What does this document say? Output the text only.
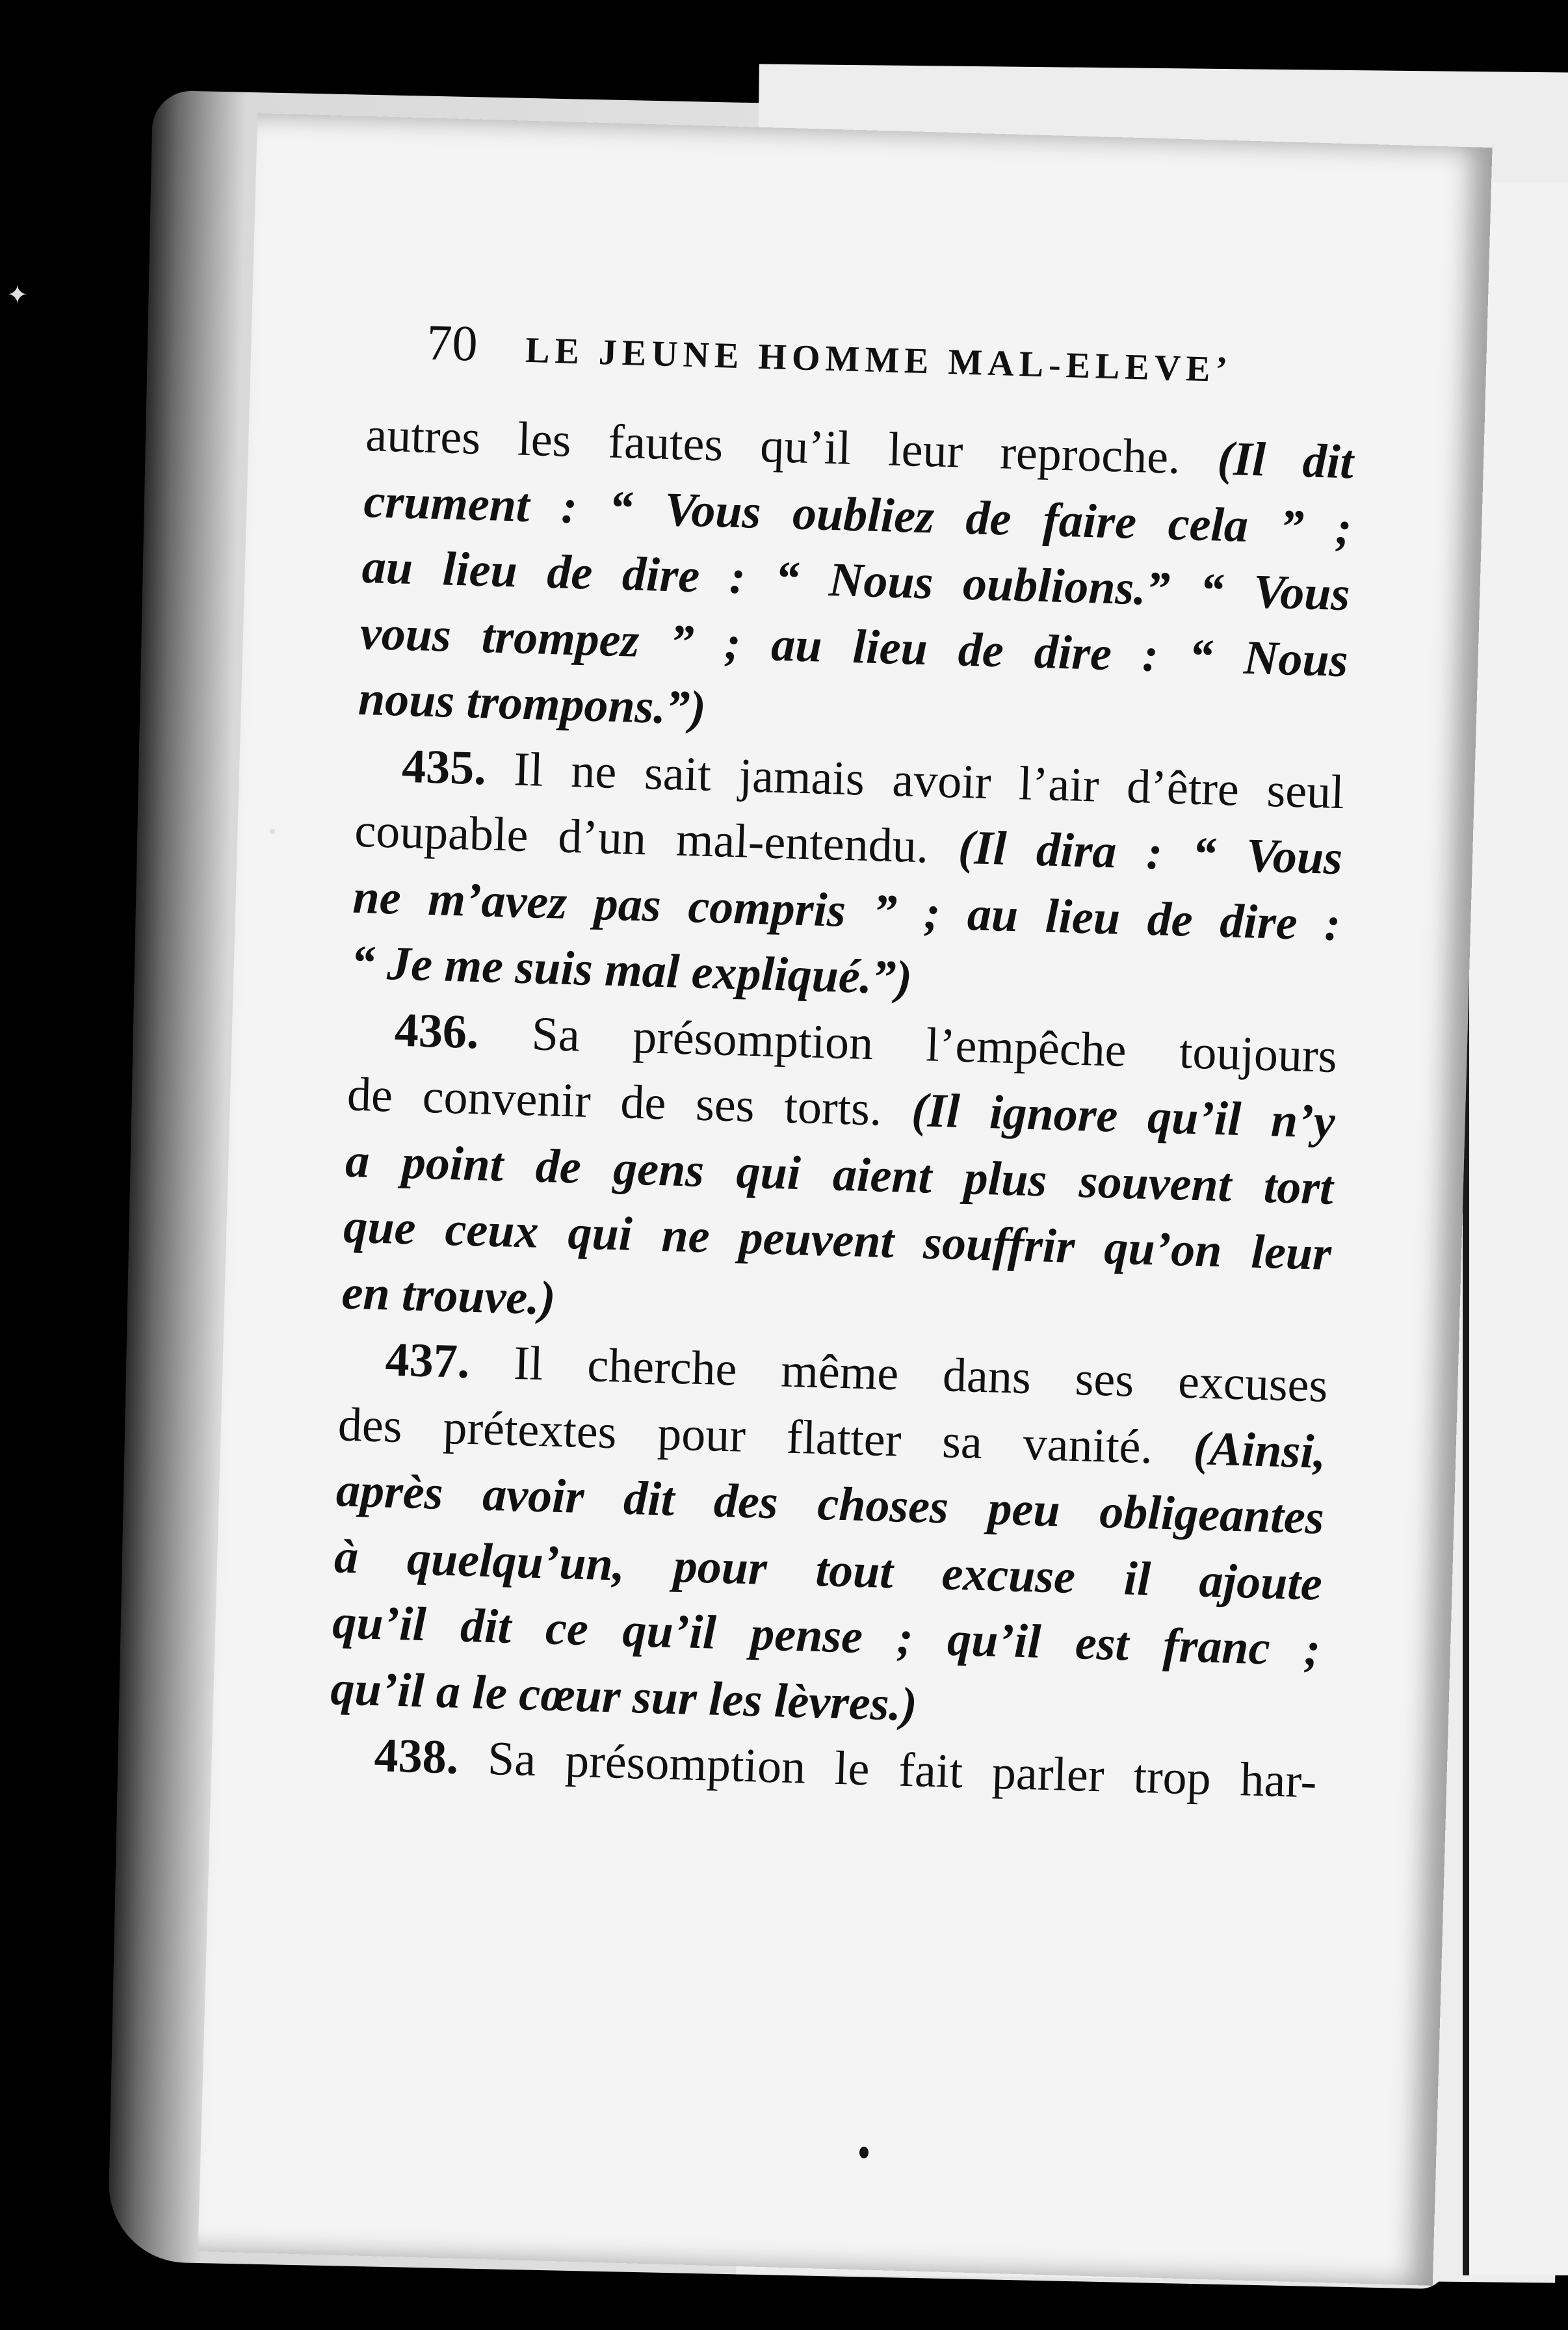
✦
70 LE JEUNE HOMME MAL-ELEVE’
autres les fautes qu’il leur reproche. (Il dit
crument : “ Vous oubliez de faire cela ” ;
au lieu de dire : “ Nous oublions.” “ Vous
vous trompez ” ; au lieu de dire : “ Nous
nous trompons.”)
435. Il ne sait jamais avoir l’air d’être seul
coupable d’un mal-entendu. (Il dira : “ Vous
ne m’avez pas compris ” ; au lieu de dire :
“ Je me suis mal expliqué.”)
436. Sa présomption l’empêche toujours
de convenir de ses torts. (Il ignore qu’il n’y
a point de gens qui aient plus souvent tort
que ceux qui ne peuvent souffrir qu’on leur
en trouve.)
437. Il cherche même dans ses excuses
des prétextes pour flatter sa vanité. (Ainsi,
après avoir dit des choses peu obligeantes
à quelqu’un, pour tout excuse il ajoute
qu’il dit ce qu’il pense ; qu’il est franc ;
qu’il a le cœur sur les lèvres.)
438. Sa présomption le fait parler trop har-
